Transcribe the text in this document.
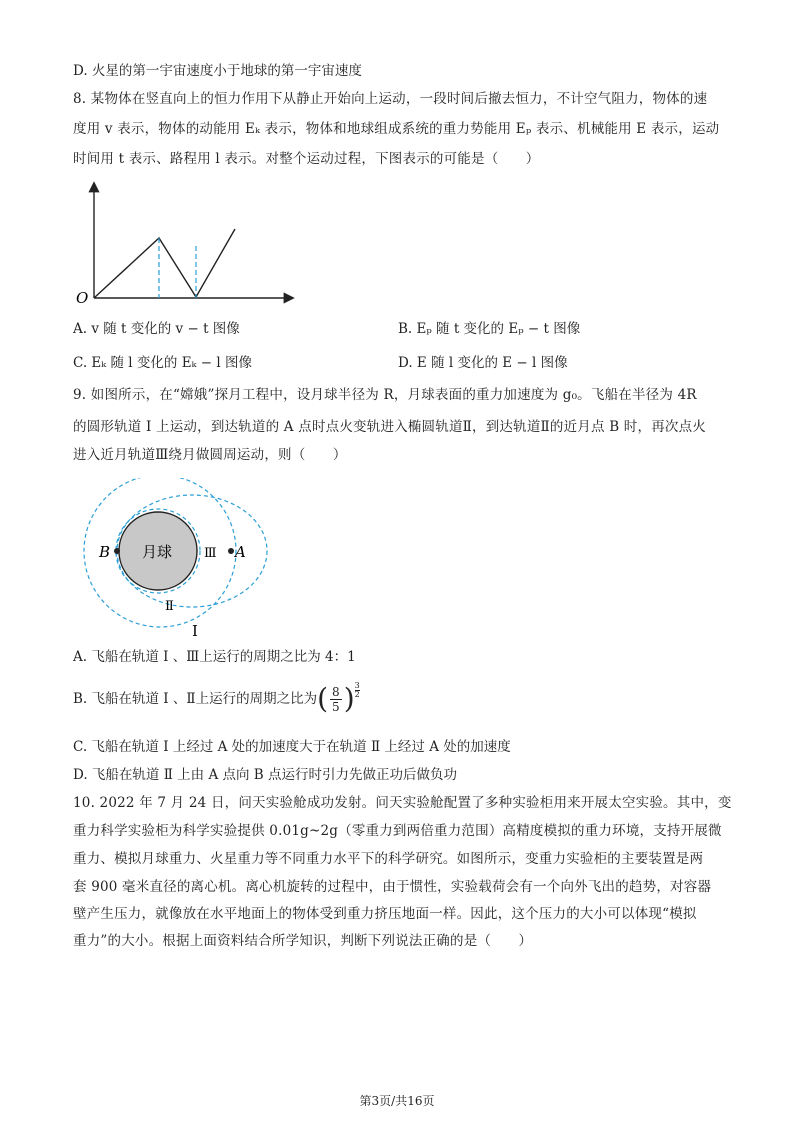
D. 火星的第一宇宙速度小于地球的第一宇宙速度
8. 某物体在竖直向上的恒力作用下从静止开始向上运动，一段时间后撤去恒力，不计空气阻力，物体的速
度用 v 表示，物体的动能用 Eₖ 表示，物体和地球组成系统的重力势能用 Eₚ 表示、机械能用 E 表示，运动
时间用 t 表示、路程用 l 表示。对整个运动过程，下图表示的可能是（　　）
O
A. v 随 t 变化的 v − t 图像	B. Eₚ 随 t 变化的 Eₚ − t 图像
C. Eₖ 随 l 变化的 Eₖ − l 图像	D. E 随 l 变化的 E − l 图像
9. 如图所示，在“嫦娥”探月工程中，设月球半径为 R，月球表面的重力加速度为 g₀。飞船在半径为 4R
的圆形轨道 Ⅰ 上运动，到达轨道的 A 点时点火变轨进入椭圆轨道Ⅱ，到达轨道Ⅱ的近月点 B 时，再次点火
进入近月轨道Ⅲ绕月做圆周运动，则（　　）
月球
B	A
Ⅲ
Ⅱ
Ⅰ
A. 飞船在轨道 Ⅰ 、Ⅲ上运行的周期之比为 4：1
B. 飞船在轨道 Ⅰ 、Ⅱ上运行的周期之比为 ( $\frac{8}{5}$ ) $\frac{3}{2}$
C. 飞船在轨道 Ⅰ 上经过 A 处的加速度大于在轨道 Ⅱ 上经过 A 处的加速度
D. 飞船在轨道 Ⅱ 上由 A 点向 B 点运行时引力先做正功后做负功
10. 2022 年 7 月 24 日，问天实验舱成功发射。问天实验舱配置了多种实验柜用来开展太空实验。其中，变
重力科学实验柜为科学实验提供 0.01g~2g（零重力到两倍重力范围）高精度模拟的重力环境，支持开展微
重力、模拟月球重力、火星重力等不同重力水平下的科学研究。如图所示，变重力实验柜的主要装置是两
套 900 毫米直径的离心机。离心机旋转的过程中，由于惯性，实验载荷会有一个向外飞出的趋势，对容器
壁产生压力，就像放在水平地面上的物体受到重力挤压地面一样。因此，这个压力的大小可以体现“模拟
重力”的大小。根据上面资料结合所学知识，判断下列说法正确的是（　　）
第3页/共16页
